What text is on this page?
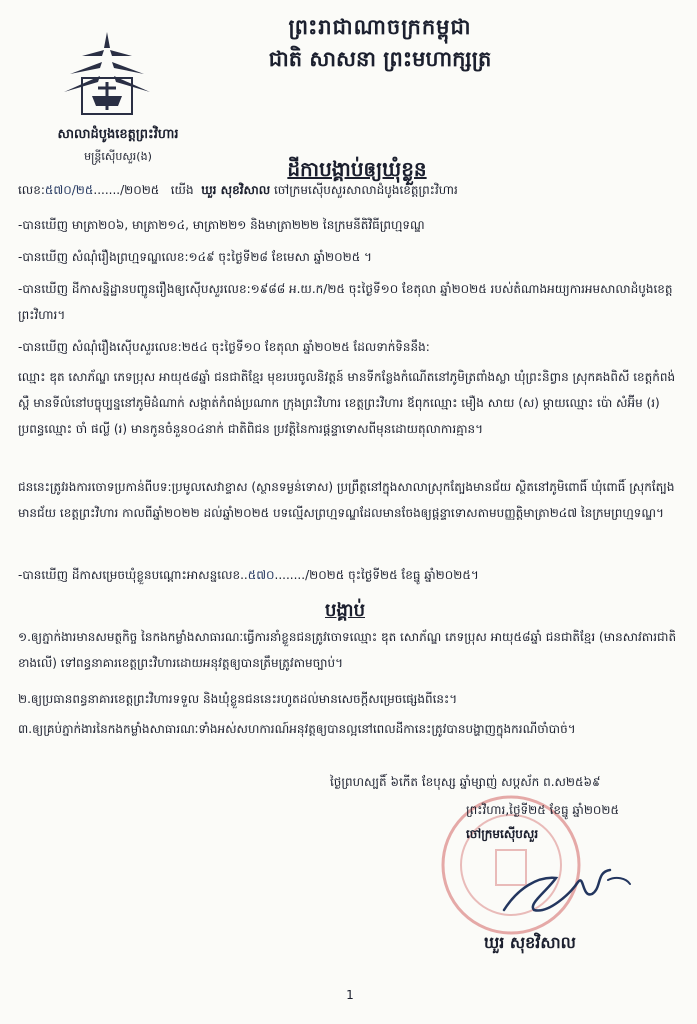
ព្រះរាជាណាចក្រកម្ពុជា
ជាតិ សាសនា ព្រះមហាក្សត្រ
សាលាដំបូងខេត្តព្រះវិហារ
មន្ត្រីស៊ើបសួរ(ង)
ដីកាបង្គាប់ឲ្យឃុំខ្លួន
លេខ:៥៧០/២៥......./២០២៥ យើង ឃួរ សុខវិសាល ចៅក្រមស៊ើបសួរសាលាដំបូងខេត្តព្រះវិហារ
-បានឃើញ មាត្រា២០៦, មាត្រា២១៤, មាត្រា២២១ និងមាត្រា២២២ នៃក្រមនីតិវិធីព្រហ្មទណ្ឌ
-បានឃើញ សំណុំរឿងព្រហ្មទណ្ឌលេខ:១៤៩ ចុះថ្ងៃទី២៨ ខែមេសា ឆ្នាំ២០២៥ ។
-បានឃើញ ដីកាសន្និដ្ឋានបញ្ជូនរឿងឲ្យស៊ើបសួរលេខ:១៩៨៨ អ.យ.ក/២៥ ចុះថ្ងៃទី១០ ខែតុលា ឆ្នាំ២០២៥ របស់តំណាងអយ្យការអមសាលាដំបូងខេត្តព្រះវិហារ។
-បានឃើញ សំណុំរឿងស៊ើបសួរលេខ:២៥៤ ចុះថ្ងៃទី១០ ខែតុលា ឆ្នាំ២០២៥ ដែលទាក់ទិននឹង:
ឈ្មោះ ឌុត សោភ័ណ្ឌ ភេទប្រុស អាយុ៥៨ឆ្នាំ ជនជាតិខ្មែរ មុខរបរចូលនិវត្តន៍ មានទីកន្លែងកំណើតនៅភូមិត្រពាំងស្លា ឃុំព្រះនិព្វាន ស្រុកគងពិសី ខេត្តកំពង់ស្ពឺ មានទីលំនៅបច្ចុប្បន្ននៅភូមិដំណាក់ សង្កាត់កំពង់ប្រណាក ក្រុងព្រះវិហារ ខេត្តព្រះវិហារ ឪពុកឈ្មោះ មឿង សាយ (ស) ម្តាយឈ្មោះ ប៉ោ សំអ៊ីម (រ) ប្រពន្ធឈ្មោះ ចាំ ផល្លី (រ) មានកូនចំនួន០៤នាក់ ជាតិពិជន ប្រវត្តិនៃការផ្តន្ទាទោសពីមុនដោយតុលាការគ្មាន។
ជននេះត្រូវរងការចោទប្រកាន់ពីបទ:ប្រមូលសេវាខ្ទាស (ស្ថានទម្ងន់ទោស) ប្រព្រឹត្តនៅក្នុងសាលាស្រុកត្បែងមានជ័យ ស្ថិតនៅភូមិពោធិ៍ ឃុំពោធិ៍ ស្រុកត្បែងមានជ័យ ខេត្តព្រះវិហារ កាលពីឆ្នាំ២០២២ ដល់ឆ្នាំ២០២៥ បទល្មើសព្រហ្មទណ្ឌដែលមានចែងឲ្យផ្តន្ទាទោសតាមបញ្ញត្តិមាត្រា២៤៧ នៃក្រមព្រហ្មទណ្ឌ។
-បានឃើញ ដីកាសម្រេចឃុំខ្លួនបណ្តោះអាសន្នលេខ..៥៧០......../២០២៥ ចុះថ្ងៃទី២៥ ខែធ្នូ ឆ្នាំ២០២៥។
បង្គាប់
១.ឲ្យភ្នាក់ងារមានសមត្ថកិច្ច នៃកងកម្លាំងសាធារណៈធ្វើការនាំខ្លួនជនត្រូវចោទឈ្មោះ ឌុត សោភ័ណ្ឌ ភេទប្រុស អាយុ៥៨ឆ្នាំ ជនជាតិខ្មែរ (មានសាវតារជាតិខាងលើ) ទៅពន្ធនាគារខេត្តព្រះវិហារដោយអនុវត្តឲ្យបានត្រឹមត្រូវតាមច្បាប់។
២.ឲ្យប្រធានពន្ធនាគារខេត្តព្រះវិហារទទួល និងឃុំខ្លួនជននេះរហូតដល់មានសេចក្តីសម្រេចផ្សេងពីនេះ។
៣.ឲ្យគ្រប់ភ្នាក់ងារនៃកងកម្លាំងសាធារណៈទាំងអស់សហការណ៍អនុវត្តឲ្យបានល្អនៅពេលដីកានេះត្រូវបានបង្ហាញក្នុងករណីចាំបាច់។
ថ្ងៃព្រហស្បតិ៍ ៦កើត ខែបុស្ស ឆ្នាំម្សាញ់ សប្តស័ក ព.ស២៥៦៩
ព្រះវិហារ,ថ្ងៃទី២៥ ខែធ្នូ ឆ្នាំ២០២៥
ចៅក្រមស៊ើបសួរ
ឃួរ សុខវិសាល
1
